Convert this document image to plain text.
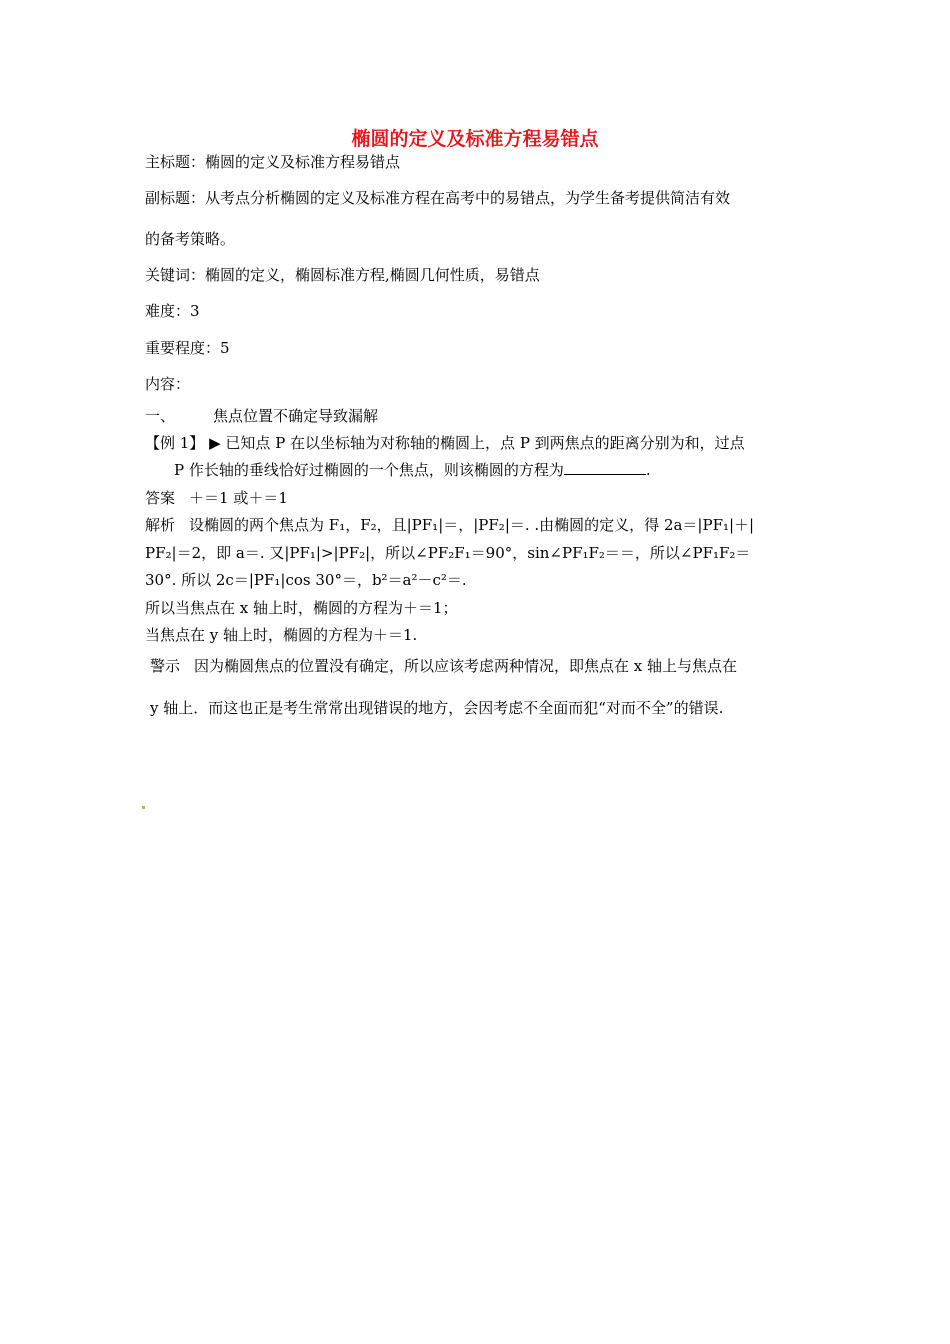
椭圆的定义及标准方程易错点
主标题：椭圆的定义及标准方程易错点
副标题：从考点分析椭圆的定义及标准方程在高考中的易错点，为学生备考提供简洁有效
的备考策略。
关键词：椭圆的定义，椭圆标准方程,椭圆几何性质，易错点
难度：3
重要程度：5
内容：
一、	焦点位置不确定导致漏解
【例 1】 ▶ 已知点 P 在以坐标轴为对称轴的椭圆上，点 P 到两焦点的距离分别为和，过点
P 作长轴的垂线恰好过椭圆的一个焦点，则该椭圆的方程为	.
答案 ＋＝1 或＋＝1
解析 设椭圆的两个焦点为 F₁，F₂，且|PF₁|＝，|PF₂|＝. .由椭圆的定义，得 2a＝|PF₁|＋|
PF₂|＝2，即 a＝. 又|PF₁|>|PF₂|，所以∠PF₂F₁＝90°，sin∠PF₁F₂＝＝，所以∠PF₁F₂＝
30°. 所以 2c＝|PF₁|cos 30°＝，b²＝a²－c²＝.
所以当焦点在 x 轴上时，椭圆的方程为＋＝1；
当焦点在 y 轴上时，椭圆的方程为＋＝1.
警示 因为椭圆焦点的位置没有确定，所以应该考虑两种情况，即焦点在 x 轴上与焦点在
y 轴上．而这也正是考生常常出现错误的地方，会因考虑不全面而犯“对而不全”的错误.
